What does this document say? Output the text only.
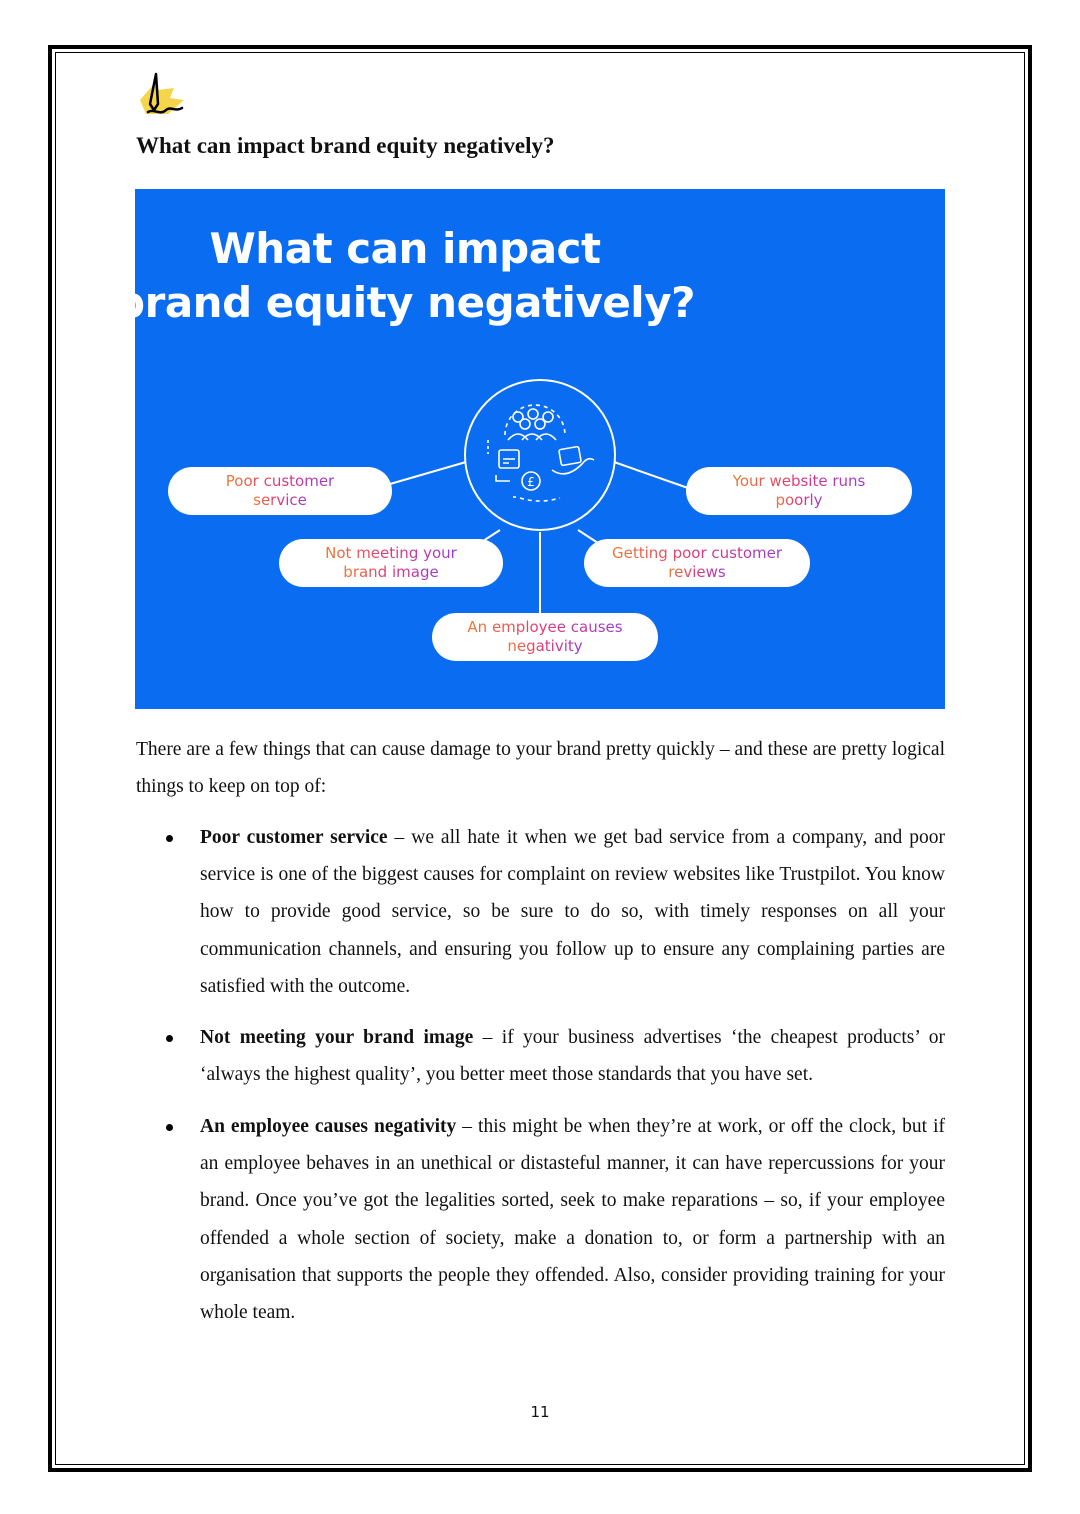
What can impact brand equity negatively?
£
What can impact
brand equity negatively?
Poor customer
service
Your website runs
poorly
Not meeting your
brand image
Getting poor customer
reviews
An employee causes
negativity
There are a few things that can cause damage to your brand pretty quickly – and these are pretty logical things to keep on top of:
Poor customer service – we all hate it when we get bad service from a company, and poor service is one of the biggest causes for complaint on review websites like Trustpilot. You know how to provide good service, so be sure to do so, with timely responses on all your communication channels, and ensuring you follow up to ensure any complaining parties are satisfied with the outcome.
Not meeting your brand image – if your business advertises ‘the cheapest products’ or ‘always the highest quality’, you better meet those standards that you have set.
An employee causes negativity – this might be when they’re at work, or off the clock, but if an employee behaves in an unethical or distasteful manner, it can have repercussions for your brand. Once you’ve got the legalities sorted, seek to make reparations – so, if your employee offended a whole section of society, make a donation to, or form a partnership with an organisation that supports the people they offended. Also, consider providing training for your whole team.
11
